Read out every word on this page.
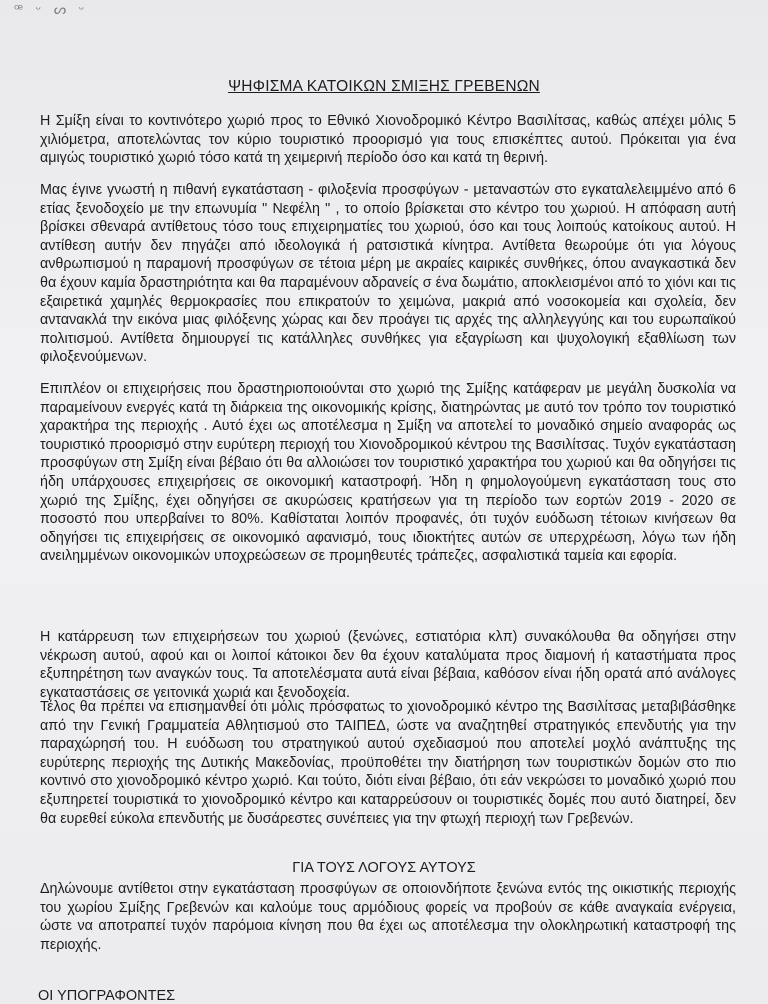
ꟹ ᵕ ᔕ ᵕ
ΨΗΦΙΣΜΑ ΚΑΤΟΙΚΩΝ ΣΜΙΞΗΣ ΓΡΕΒΕΝΩΝ

Η Σμίξη είναι το κοντινότερο χωριό προς το Εθνικό Χιονοδρομικό Κέντρο Βασιλίτσας, καθώς απέχει μόλις 5 χιλιόμετρα, αποτελώντας τον κύριο τουριστικό προορισμό για τους επισκέπτες αυτού. Πρόκειται για ένα αμιγώς τουριστικό χωριό τόσο κατά τη χειμερινή περίοδο όσο και κατά τη θερινή.

Μας έγινε γνωστή η πιθανή εγκατάσταση - φιλοξενία προσφύγων - μεταναστών στο εγκαταλελειμμένο από 6 ετίας ξενοδοχείο με την επωνυμία " Νεφέλη " , το οποίο βρίσκεται στο κέντρο του χωριού. Η απόφαση αυτή βρίσκει σθεναρά αντίθετους τόσο τους επιχειρηματίες του χωριού, όσο και τους λοιπούς κατοίκους αυτού. Η αντίθεση αυτήν δεν πηγάζει από ιδεολογικά ή ρατσιστικά κίνητρα. Αντίθετα θεωρούμε ότι για λόγους ανθρωπισμού η παραμονή προσφύγων σε τέτοια μέρη με ακραίες καιρικές συνθήκες, όπου αναγκαστικά δεν θα έχουν καμία δραστηριότητα και θα παραμένουν αδρανείς σ ένα δωμάτιο, αποκλεισμένοι από το χιόνι και τις εξαιρετικά χαμηλές θερμοκρασίες που επικρατούν το χειμώνα, μακριά από νοσοκομεία και σχολεία, δεν αντανακλά την εικόνα μιας φιλόξενης χώρας και δεν προάγει τις αρχές της αλληλεγγύης και του ευρωπαϊκού πολιτισμού. Αντίθετα δημιουργεί τις κατάλληλες συνθήκες για εξαγρίωση και ψυχολογική εξαθλίωση των φιλοξενούμενων.

Επιπλέον οι επιχειρήσεις που δραστηριοποιούνται στο χωριό της Σμίξης κατάφεραν με μεγάλη δυσκολία να παραμείνουν ενεργές κατά τη διάρκεια της οικονομικής κρίσης, διατηρώντας με αυτό τον τρόπο τον τουριστικό χαρακτήρα της περιοχής . Αυτό έχει ως αποτέλεσμα η Σμίξη να αποτελεί το μοναδικό σημείο αναφοράς ως τουριστικό προορισμό στην ευρύτερη περιοχή του Χιονοδρομικού κέντρου της Βασιλίτσας. Τυχόν εγκατάσταση προσφύγων στη Σμίξη είναι βέβαιο ότι θα αλλοιώσει τον τουριστικό χαρακτήρα του χωριού και θα οδηγήσει τις ήδη υπάρχουσες επιχειρήσεις σε οικονομική καταστροφή. Ήδη η φημολογούμενη εγκατάσταση τους στο χωριό της Σμίξης, έχει οδηγήσει σε ακυρώσεις κρατήσεων για τη περίοδο των εορτών 2019 - 2020 σε ποσοστό που υπερβαίνει το 80%. Καθίσταται λοιπόν προφανές, ότι τυχόν ευόδωση τέτοιων κινήσεων θα οδηγήσει τις επιχειρήσεις σε οικονομικό αφανισμό, τους ιδιοκτήτες αυτών σε υπερχρέωση, λόγω των ήδη ανειλημμένων οικονομικών υποχρεώσεων σε προμηθευτές τράπεζες, ασφαλιστικά ταμεία και εφορία.

Η κατάρρευση των επιχειρήσεων του χωριού (ξενώνες, εστιατόρια κλπ) συνακόλουθα θα οδηγήσει στην νέκρωση αυτού, αφού και οι λοιποί κάτοικοι δεν θα έχουν καταλύματα προς διαμονή ή καταστήματα προς εξυπηρέτηση των αναγκών τους. Τα αποτελέσματα αυτά είναι βέβαια, καθόσον είναι ήδη ορατά από ανάλογες εγκαταστάσεις σε γειτονικά χωριά και ξενοδοχεία.

Τέλος θα πρέπει να επισημανθεί ότι μόλις πρόσφατως το χιονοδρομικό κέντρο της Βασιλίτσας μεταβιβάσθηκε από την Γενική Γραμματεία Αθλητισμού στο ΤΑΙΠΕΔ, ώστε να αναζητηθεί στρατηγικός επενδυτής για την παραχώρησή του. Η ευόδωση του στρατηγικού αυτού σχεδιασμού που αποτελεί μοχλό ανάπτυξης της ευρύτερης περιοχής της Δυτικής Μακεδονίας, προϋποθέτει την διατήρηση των τουριστικών δομών στο πιο κοντινό στο χιονοδρομικό κέντρο χωριό. Και τούτο, διότι είναι βέβαιο, ότι εάν νεκρώσει το μοναδικό χωριό που εξυπηρετεί τουριστικά το χιονοδρομικό κέντρο και καταρρεύσουν οι τουριστικές δομές που αυτό διατηρεί, δεν θα ευρεθεί εύκολα επενδυτής με δυσάρεστες συνέπειες για την φτωχή περιοχή των Γρεβενών.

ΓΙΑ ΤΟΥΣ ΛΟΓΟΥΣ ΑΥΤΟΥΣ

Δηλώνουμε αντίθετοι στην εγκατάσταση προσφύγων σε οποιονδήποτε ξενώνα εντός της οικιστικής περιοχής του χωρίου Σμίξης Γρεβενών και καλούμε τους αρμόδιους φορείς να προβούν σε κάθε αναγκαία ενέργεια, ώστε να αποτραπεί τυχόν παρόμοια κίνηση που θα έχει ως αποτέλεσμα την ολοκληρωτική καταστροφή της περιοχής.

ΟΙ ΥΠΟΓΡΑΦΟΝΤΕΣ
